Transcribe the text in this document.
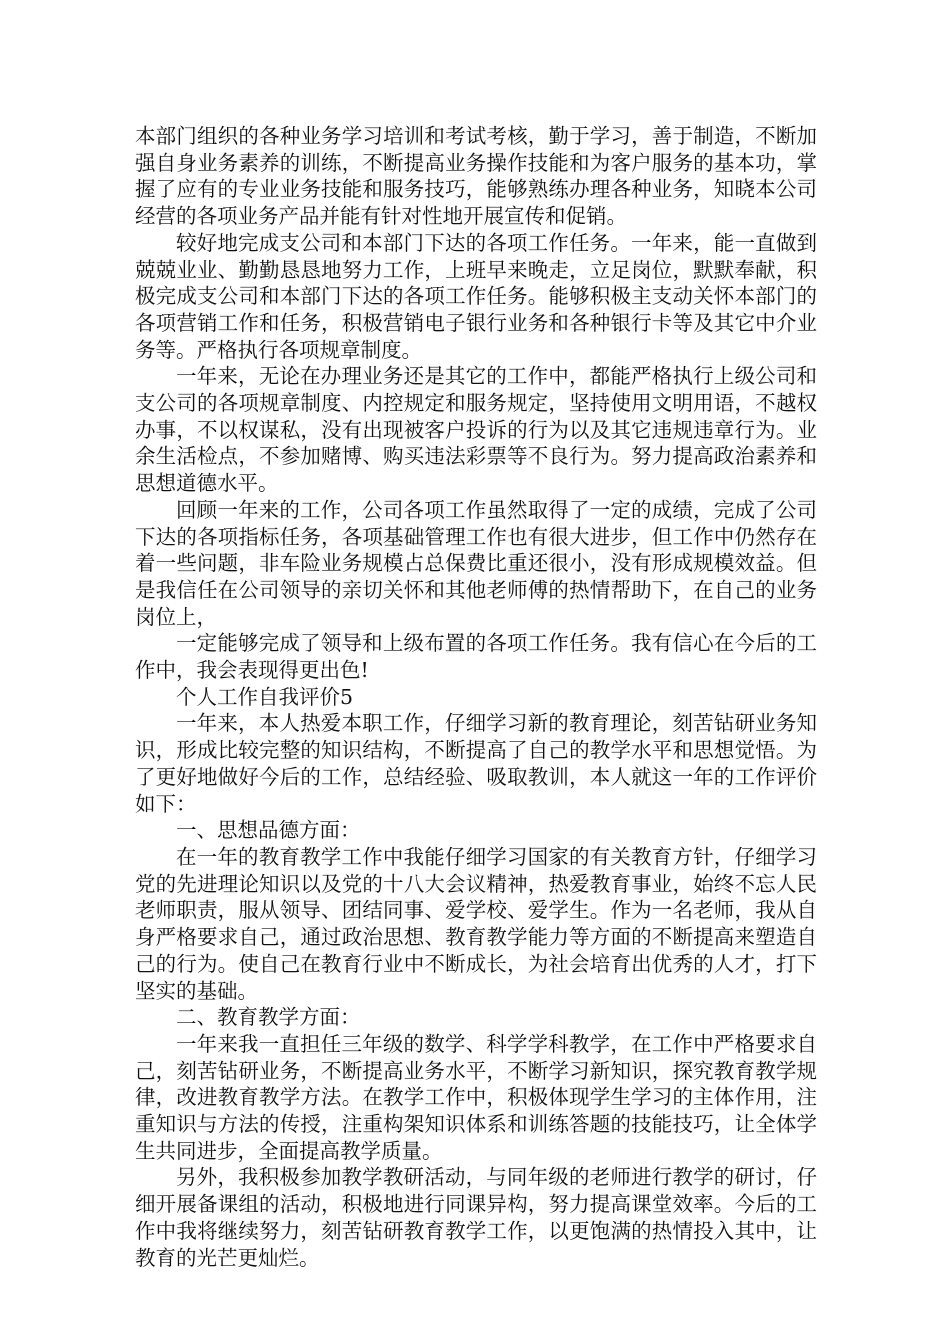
本部门组织的各种业务学习培训和考试考核，勤于学习，善于制造，不断加强自身业务素养的训练，不断提高业务操作技能和为客户服务的基本功，掌握了应有的专业业务技能和服务技巧，能够熟练办理各种业务，知晓本公司经营的各项业务产品并能有针对性地开展宣传和促销。

较好地完成支公司和本部门下达的各项工作任务。一年来，能一直做到兢兢业业、勤勤恳恳地努力工作，上班早来晚走，立足岗位，默默奉献，积极完成支公司和本部门下达的各项工作任务。能够积极主支动关怀本部门的各项营销工作和任务，积极营销电子银行业务和各种银行卡等及其它中介业务等。严格执行各项规章制度。

一年来，无论在办理业务还是其它的工作中，都能严格执行上级公司和支公司的各项规章制度、内控规定和服务规定，坚持使用文明用语，不越权办事，不以权谋私，没有出现被客户投诉的行为以及其它违规违章行为。业余生活检点，不参加赌博、购买违法彩票等不良行为。努力提高政治素养和思想道德水平。

回顾一年来的工作，公司各项工作虽然取得了一定的成绩，完成了公司下达的各项指标任务，各项基础管理工作也有很大进步，但工作中仍然存在着一些问题，非车险业务规模占总保费比重还很小，没有形成规模效益。但是我信任在公司领导的亲切关怀和其他老师傅的热情帮助下，在自己的业务岗位上，

一定能够完成了领导和上级布置的各项工作任务。我有信心在今后的工作中，我会表现得更出色!

个人工作自我评价5

一年来，本人热爱本职工作，仔细学习新的教育理论，刻苦钻研业务知识，形成比较完整的知识结构，不断提高了自己的教学水平和思想觉悟。为了更好地做好今后的工作，总结经验、吸取教训，本人就这一年的工作评价如下：

一、思想品德方面：

在一年的教育教学工作中我能仔细学习国家的有关教育方针，仔细学习党的先进理论知识以及党的十八大会议精神，热爱教育事业，始终不忘人民老师职责，服从领导、团结同事、爱学校、爱学生。作为一名老师，我从自身严格要求自己，通过政治思想、教育教学能力等方面的不断提高来塑造自己的行为。使自己在教育行业中不断成长，为社会培育出优秀的人才，打下坚实的基础。

二、教育教学方面：

一年来我一直担任三年级的数学、科学学科教学，在工作中严格要求自己，刻苦钻研业务，不断提高业务水平，不断学习新知识，探究教育教学规律，改进教育教学方法。在教学工作中，积极体现学生学习的主体作用，注重知识与方法的传授，注重构架知识体系和训练答题的技能技巧，让全体学生共同进步，全面提高教学质量。

另外，我积极参加教学教研活动，与同年级的老师进行教学的研讨，仔细开展备课组的活动，积极地进行同课异构，努力提高课堂效率。今后的工作中我将继续努力，刻苦钻研教育教学工作，以更饱满的热情投入其中，让教育的光芒更灿烂。
